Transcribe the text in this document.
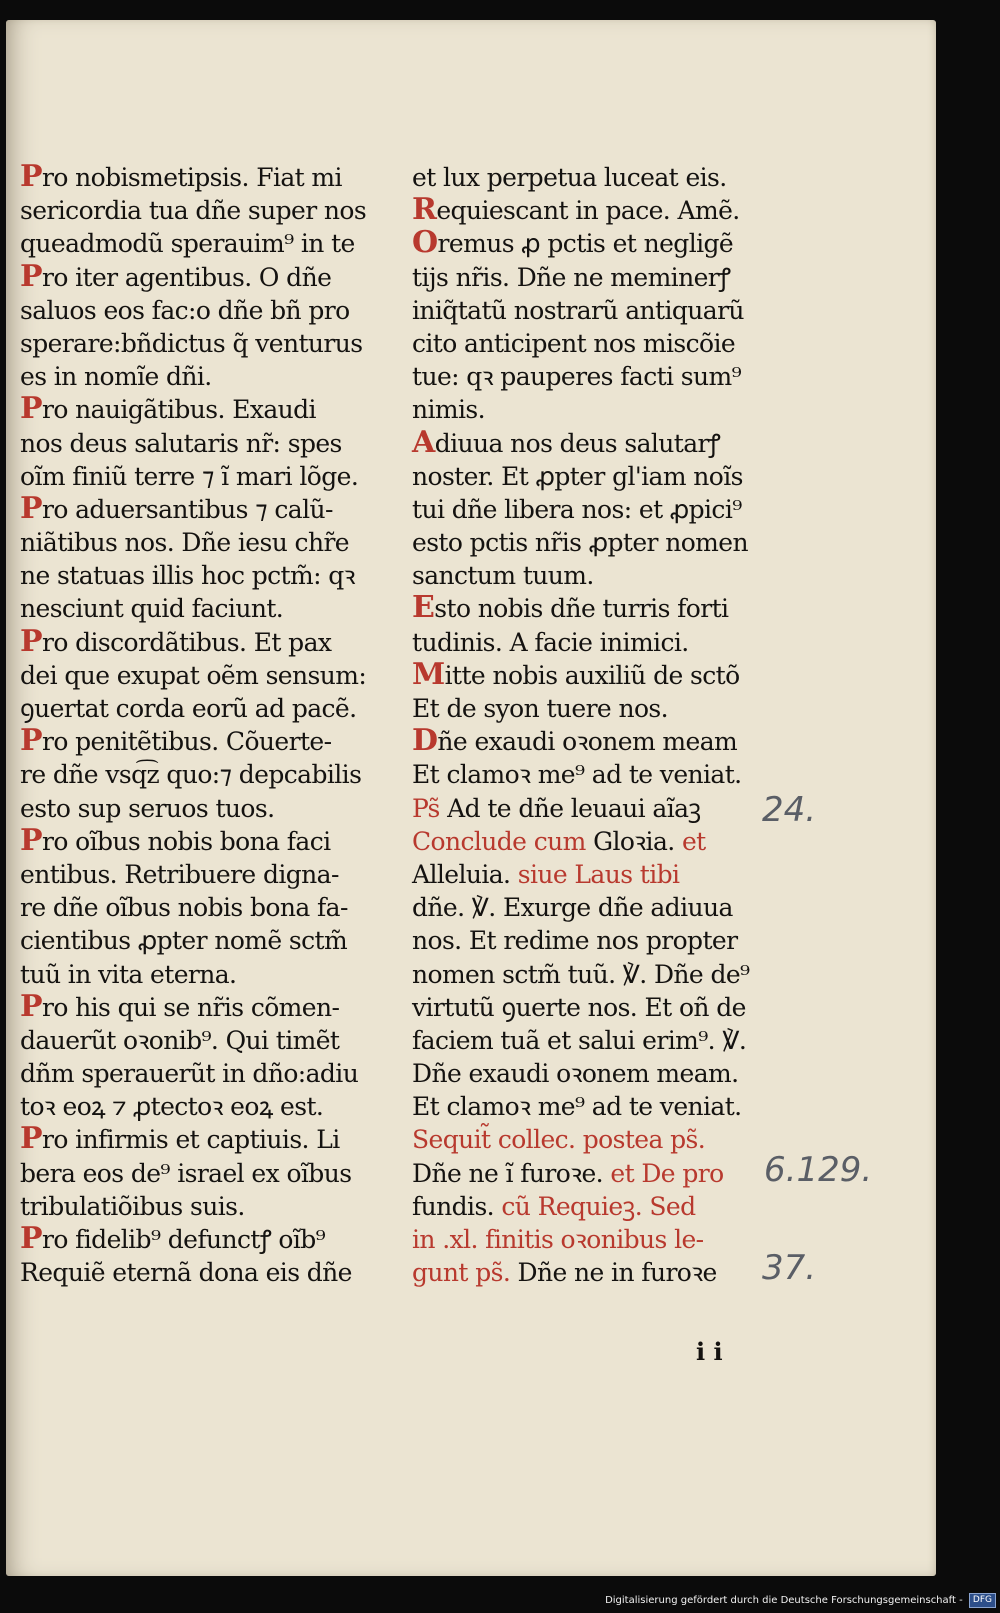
Pro nobismetipsis. Fiat mi
sericordia tua dñe super nos
queadmodũ sperauim⁹ in te
Pro iter agentibus. O dñe
saluos eos fac:o dñe bñ pro
sperare:bñdictus q̃ venturus
es in nomĩe dñi.
Pro nauigãtibus. Exaudi
nos deus salutaris nr̃: spes
oĩm finiũ terre ⁊ ĩ mari lõge.
Pro aduersantibus ⁊ calũ-
niãtibus nos. Dñe iesu chr̃e
ne statuas illis hoc pctm̃: qꝛ
nesciunt quid faciunt.
Pro discordãtibus. Et pax
dei que exupat oẽm sensum:
ꝯuertat corda eorũ ad pacẽ.
Pro penitẽtibus. Cõuerte-
re dñe vsq͡z quo:⁊ depcabilis
esto sup seruos tuos.
Pro oĩbus nobis bona faci
entibus. Retribuere digna-
re dñe oĩbus nobis bona fa-
cientibus ꝓpter nomẽ sctm̃
tuũ in vita eterna.
Pro his qui se nr̃is cõmen-
dauerũt oꝛonib⁹. Qui timẽt
dñm sperauerũt in dño:adiu
toꝛ eoꝝ ⁊ ꝓtectoꝛ eoꝝ est.
Pro infirmis et captiuis. Li
bera eos de⁹ israel ex oĩbus
tribulatiõibus suis.
Pro fidelib⁹ defunctꝭ oĩb⁹
Requiẽ eternã dona eis dñe
et lux perpetua luceat eis.
Requiescant in pace. Amẽ.
Oremus ꝓ pctis et negligẽ
tijs nr̃is. Dñe ne meminerꝭ
iniq̃tatũ nostrarũ antiquarũ
cito anticipent nos miscõie
tue: qꝛ pauperes facti sum⁹
nimis.
Adiuua nos deus salutarꝭ
noster. Et ꝓpter gl'iam noĩs
tui dñe libera nos: et ꝓpici⁹
esto pctis nr̃is ꝓpter nomen
sanctum tuum.
Esto nobis dñe turris forti
tudinis. A facie inimici.
Mitte nobis auxiliũ de sctõ
Et de syon tuere nos.
Dñe exaudi oꝛonem meam
Et clamoꝛ me⁹ ad te veniat.
Ps̃ Ad te dñe leuaui aĩaꝫ
Conclude cum Gloꝛia. et
Alleluia. siue Laus tibi
dñe. ℣. Exurge dñe adiuua
nos. Et redime nos propter
nomen sctm̃ tuũ. ℣. Dñe de⁹
virtutũ ꝯuerte nos. Et oñ de
faciem tuã et salui erim⁹. ℣.
Dñe exaudi oꝛonem meam.
Et clamoꝛ me⁹ ad te veniat.
Sequit̃ collec. postea ps̃.
Dñe ne ĩ furoꝛe. et De pro
fundis. cũ Requieꝫ. Sed
in .xl. finitis oꝛonibus le-
gunt ps̃. Dñe ne in furoꝛe
24.
6.129.
37.
i i
Digitalisierung gefördert durch die Deutsche Forschungsgemeinschaft - DFG
